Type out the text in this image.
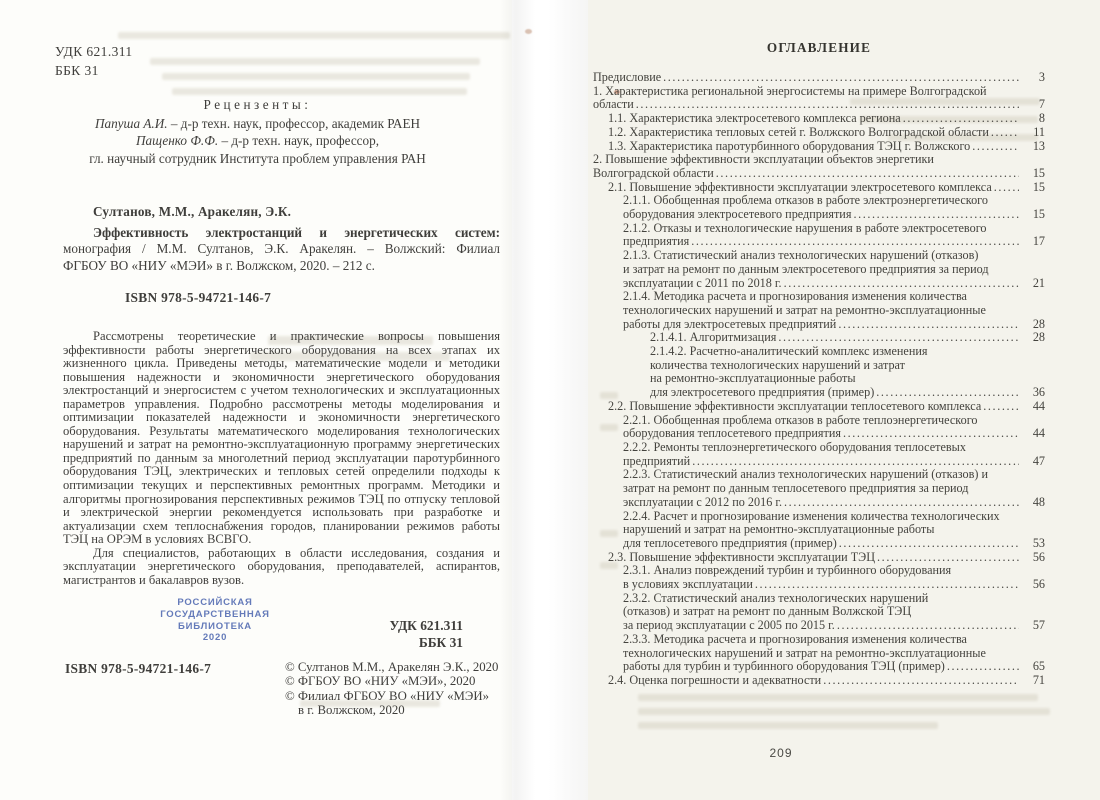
УДК 621.311
ББК 31
Рецензенты:
Папуша А.И. – д-р техн. наук, профессор, академик РАЕН
Пащенко Ф.Ф. – д-р техн. наук, профессор,
гл. научный сотрудник Института проблем управления РАН
Султанов, М.М., Аракелян, Э.К.
Эффективность электростанций и энергетических систем:
монография / М.М. Султанов, Э.К. Аракелян. – Волжский: Филиал
ФГБОУ ВО «НИУ «МЭИ» в г. Волжском, 2020. – 212 с.
ISBN 978-5-94721-146-7

Рассмотрены теоретические и практические вопросы повышения эффективности работы энергетического оборудования на всех этапах их жизненного цикла. Приведены методы, математические модели и методики повышения надежности и экономичности энергетического оборудования электростанций и энергосистем с учетом технологических и эксплуатационных параметров управления. Подробно рассмотрены методы моделирования и оптимизации показателей надежности и экономичности энергетического оборудования. Результаты математического моделирования технологических нарушений и затрат на ремонтно-эксплуатационную программу энергетических предприятий по данным за многолетний период эксплуатации паротурбинного оборудования ТЭЦ, электрических и тепловых сетей определили подходы к оптимизации текущих и перспективных ремонтных программ. Методики и алгоритмы прогнозирования перспективных режимов ТЭЦ по отпуску тепловой и электрической энергии рекомендуется использовать при разработке и актуализации схем теплоснабжения городов, планировании режимов работы ТЭЦ на ОРЭМ в условиях ВСВГО.

Для специалистов, работающих в области исследования, создания и эксплуатации энергетического оборудования, преподавателей, аспирантов, магистрантов и бакалавров вузов.

РОССИЙСКАЯ
ГОСУДАРСТВЕННАЯ
БИБЛИОТЕКА
2020
УДК 621.311
ББК 31
ISBN 978-5-94721-146-7	© Султанов М.М., Аракелян Э.К., 2020
© ФГБОУ ВО «НИУ «МЭИ», 2020
© Филиал ФГБОУ ВО «НИУ «МЭИ»
в г. Волжском, 2020
ОГЛАВЛЕНИЕ
Предисловие .....	3
1. Характеристика региональной энергосистемы на примере Волгоградской
области .....	7
1.1. Характеристика электросетевого комплекса региона .....	8
1.2. Характеристика тепловых сетей г. Волжского Волгоградской области .....	11
1.3. Характеристика паротурбинного оборудования ТЭЦ г. Волжского .....	13
2. Повышение эффективности эксплуатации объектов энергетики
Волгоградской области .....	15
2.1. Повышение эффективности эксплуатации электросетевого комплекса .....	15
2.1.1. Обобщенная проблема отказов в работе электроэнергетического
оборудования электросетевого предприятия .....	15
2.1.2. Отказы и технологические нарушения в работе электросетевого
предприятия .....	17
2.1.3. Статистический анализ технологических нарушений (отказов)
и затрат на ремонт по данным электросетевого предприятия за период
эксплуатации с 2011 по 2018 г. .....	21
2.1.4. Методика расчета и прогнозирования изменения количества
технологических нарушений и затрат на ремонтно-эксплуатационные
работы для электросетевых предприятий .....	28
2.1.4.1. Алгоритмизация .....	28
2.1.4.2. Расчетно-аналитический комплекс изменения
количества технологических нарушений и затрат
на ремонтно-эксплуатационные работы
для электросетевого предприятия (пример) .....	36
2.2. Повышение эффективности эксплуатации теплосетевого комплекса .....	44
2.2.1. Обобщенная проблема отказов в работе теплоэнергетического
оборудования теплосетевого предприятия .....	44
2.2.2. Ремонты теплоэнергетического оборудования теплосетевых
предприятий .....	47
2.2.3. Статистический анализ технологических нарушений (отказов) и
затрат на ремонт по данным теплосетевого предприятия за период
эксплуатации с 2012 по 2016 г. .....	48
2.2.4. Расчет и прогнозирование изменения количества технологических
нарушений и затрат на ремонтно-эксплуатационные работы
для теплосетевого предприятия (пример) .....	53
2.3. Повышение эффективности эксплуатации ТЭЦ .....	56
2.3.1. Анализ повреждений турбин и турбинного оборудования
в условиях эксплуатации .....	56
2.3.2. Статистический анализ технологических нарушений
(отказов) и затрат на ремонт по данным Волжской ТЭЦ
за период эксплуатации с 2005 по 2015 г. .....	57
2.3.3. Методика расчета и прогнозирования изменения количества
технологических нарушений и затрат на ремонтно-эксплуатационные
работы для турбин и турбинного оборудования ТЭЦ (пример) .....	65
2.4. Оценка погрешности и адекватности .....	71
209
